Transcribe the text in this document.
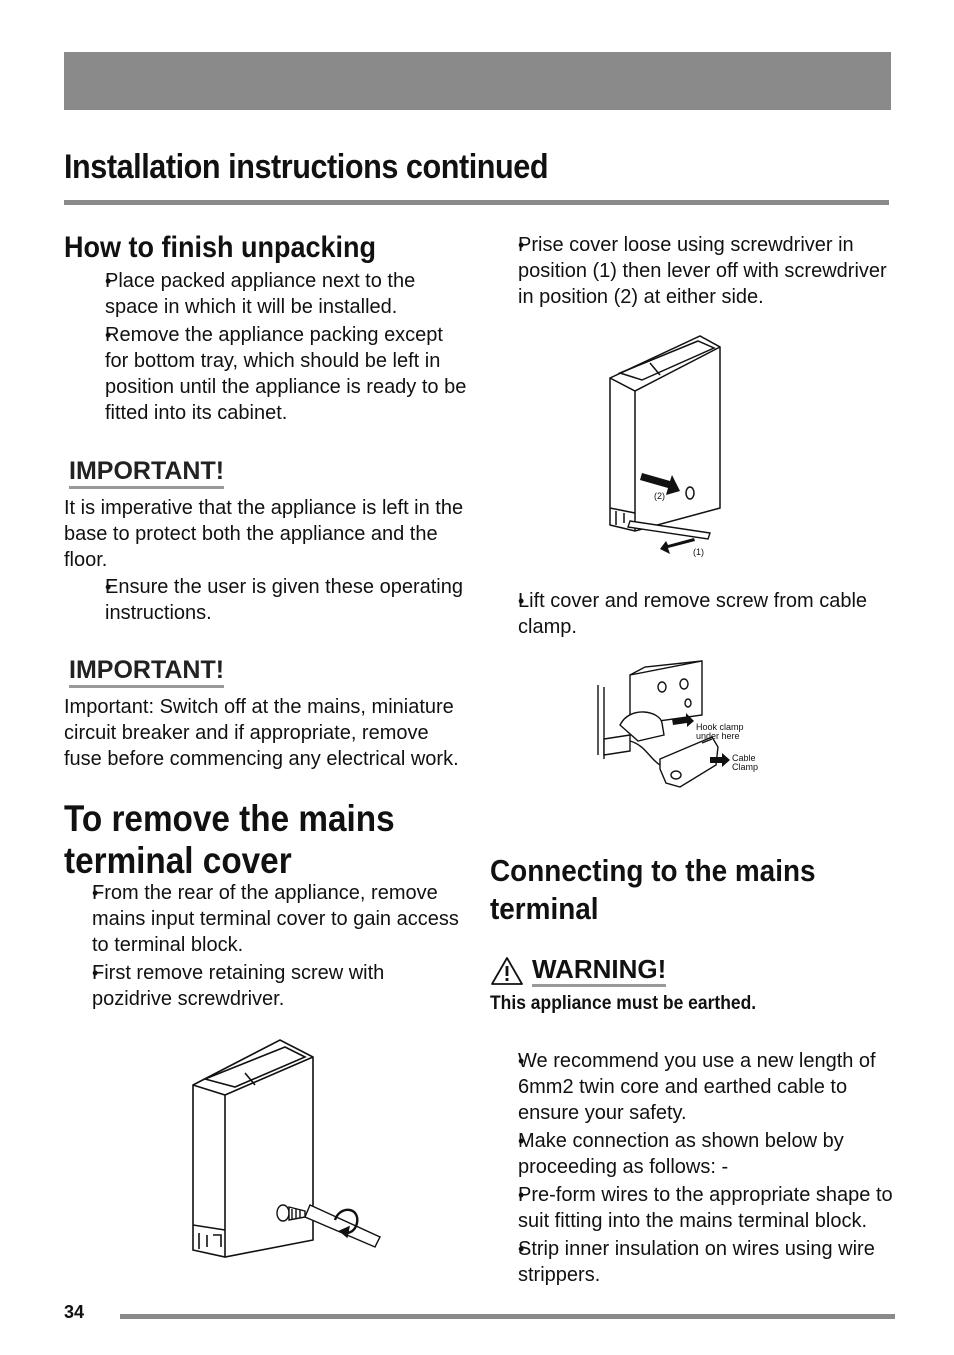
Installation instructions continued
How to finish unpacking
• Place packed appliance next to the space in which it will be installed.
• Remove the appliance packing except for bottom tray, which should be left in position until the appliance is ready to be fitted into its cabinet.
IMPORTANT!

It is imperative that the appliance is left in the base to protect both the appliance and the floor.

• Ensure the user is given these operating instructions.
IMPORTANT!

Important: Switch off at the mains, miniature circuit breaker and if appropriate, remove fuse before commencing any electrical work.

To remove the mains
terminal cover
• From the rear of the appliance, remove mains input terminal cover to gain access to terminal block.
• First remove retaining screw with pozidrive screwdriver.
• Prise cover loose using screwdriver in position (1) then lever off with screwdriver in position (2) at either side.
(2)
(1)
• Lift cover and remove screw from cable clamp.
Hook clamp
under here
Cable
Clamp
Connecting to the mains
terminal
WARNING!

This appliance must be earthed.

• We recommend you use a new length of 6mm2 twin core and earthed cable to ensure your safety.
• Make connection as shown below by proceeding as follows: -
• Pre-form wires to the appropriate shape to suit fitting into the mains terminal block.
• Strip inner insulation on wires using wire strippers.
34
